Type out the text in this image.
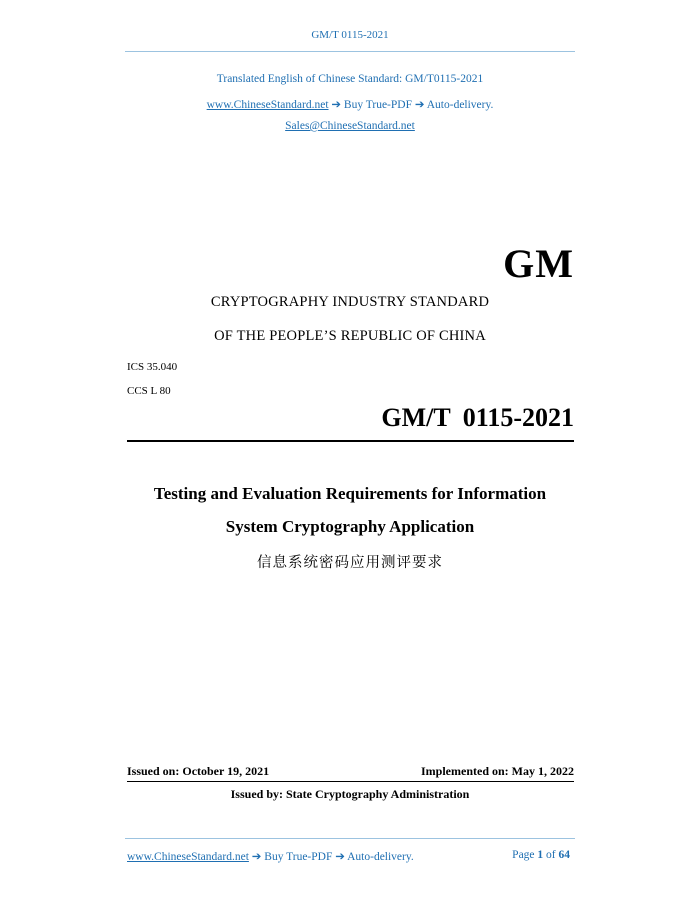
GM/T 0115-2021
Translated English of Chinese Standard: GM/T0115-2021
www.ChineseStandard.net ➔ Buy True-PDF ➔ Auto-delivery.
Sales@ChineseStandard.net
GM
CRYPTOGRAPHY INDUSTRY STANDARD
OF THE PEOPLE’S REPUBLIC OF CHINA
ICS 35.040
CCS L 80
GM/T 0115-2021
Testing and Evaluation Requirements for Information
System Cryptography Application
信息系统密码应用测评要求
Issued on: October 19, 2021	Implemented on: May 1, 2022
Issued by: State Cryptography Administration
www.ChineseStandard.net ➔ Buy True-PDF ➔ Auto-delivery.	Page 1 of 64
